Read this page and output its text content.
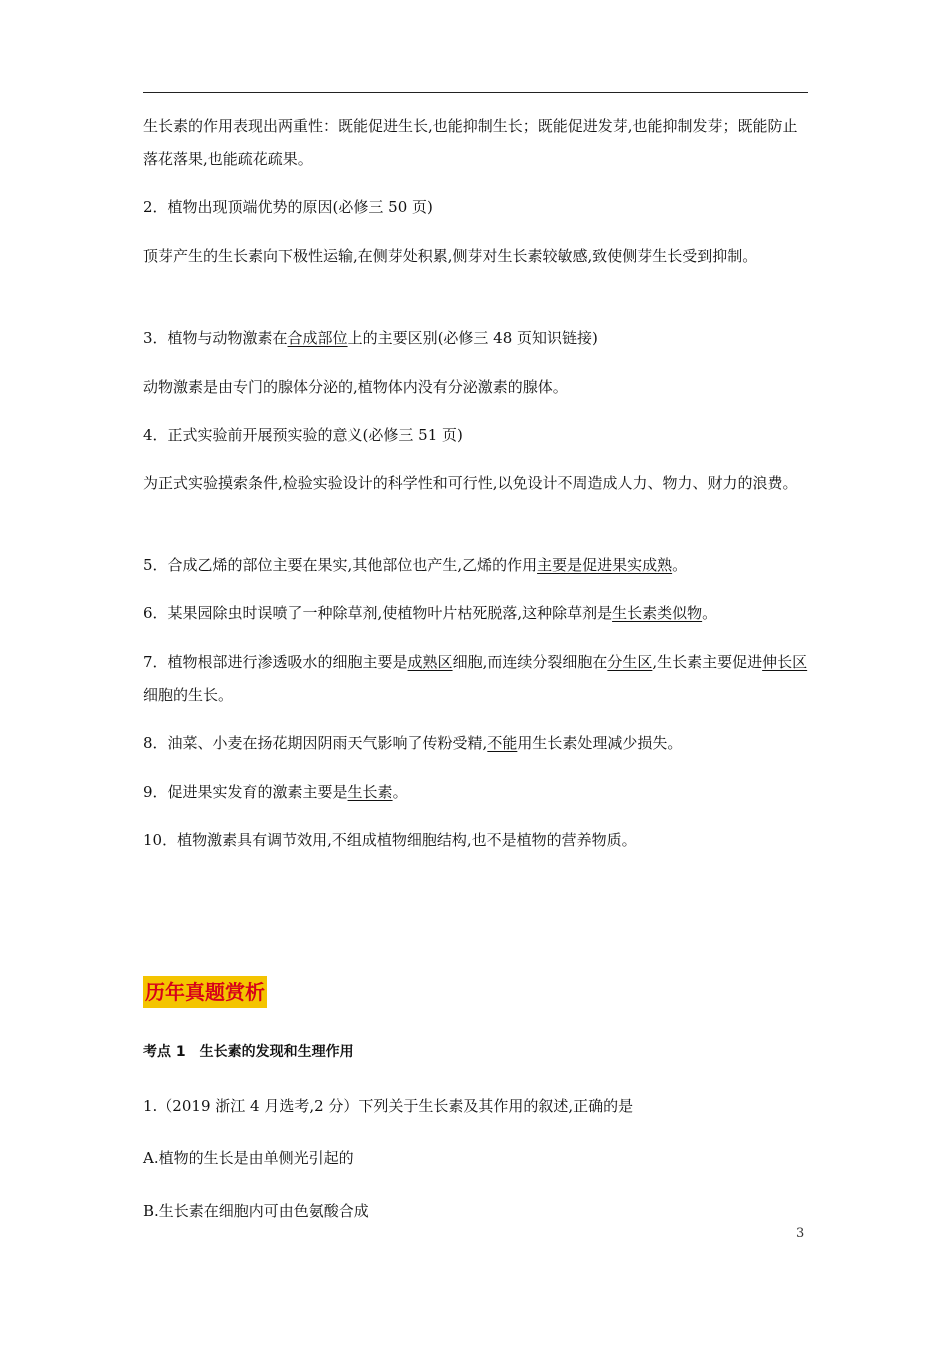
生长素的作用表现出两重性：既能促进生长,也能抑制生长；既能促进发芽,也能抑制发芽；既能防止落花落果,也能疏花疏果。

2．植物出现顶端优势的原因(必修三 50 页)

顶芽产生的生长素向下极性运输,在侧芽处积累,侧芽对生长素较敏感,致使侧芽生长受到抑制。

3．植物与动物激素在合成部位上的主要区别(必修三 48 页知识链接)

动物激素是由专门的腺体分泌的,植物体内没有分泌激素的腺体。

4．正式实验前开展预实验的意义(必修三 51 页)

为正式实验摸索条件,检验实验设计的科学性和可行性,以免设计不周造成人力、物力、财力的浪费。

5．合成乙烯的部位主要在果实,其他部位也产生,乙烯的作用主要是促进果实成熟。

6．某果园除虫时误喷了一种除草剂,使植物叶片枯死脱落,这种除草剂是生长素类似物。

7．植物根部进行渗透吸水的细胞主要是成熟区细胞,而连续分裂细胞在分生区,生长素主要促进伸长区细胞的生长。

8．油菜、小麦在扬花期因阴雨天气影响了传粉受精,不能用生长素处理减少损失。

9．促进果实发育的激素主要是生长素。

10．植物激素具有调节效用,不组成植物细胞结构,也不是植物的营养物质。

历年真题赏析

考点 1　生长素的发现和生理作用

1.（2019 浙江 4 月选考,2 分）下列关于生长素及其作用的叙述,正确的是

A.植物的生长是由单侧光引起的

B.生长素在细胞内可由色氨酸合成

3
